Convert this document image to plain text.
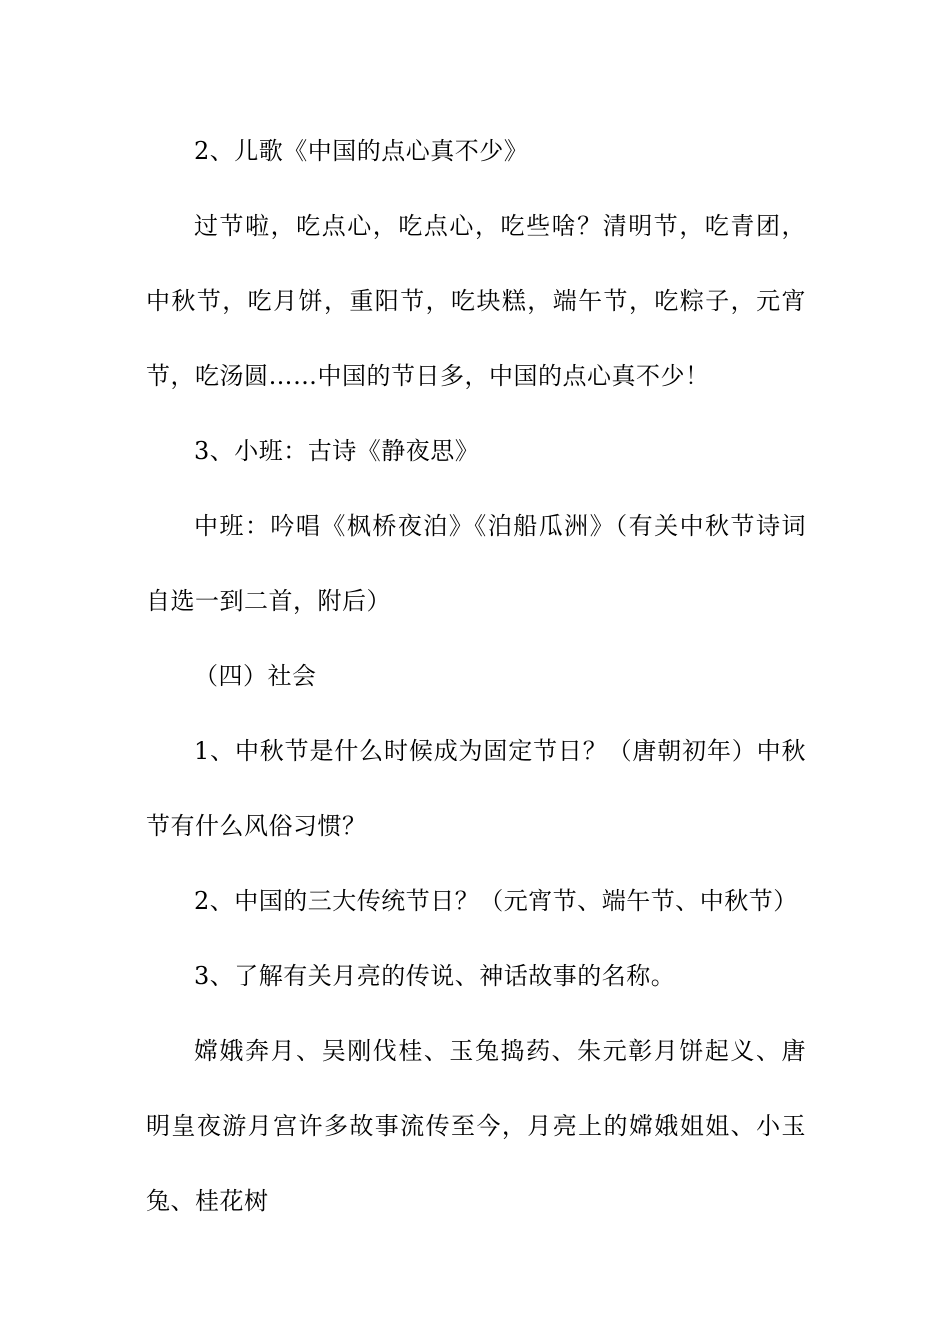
2、儿歌《中国的点心真不少》

过节啦，吃点心，吃点心，吃些啥？清明节，吃青团，中秋节，吃月饼，重阳节，吃块糕，端午节，吃粽子，元宵节，吃汤圆……中国的节日多，中国的点心真不少！

3、小班：古诗《静夜思》

中班：吟唱《枫桥夜泊》《泊船瓜洲》（有关中秋节诗词自选一到二首，附后）

（四）社会

1、中秋节是什么时候成为固定节日？（唐朝初年）中秋节有什么风俗习惯？

2、中国的三大传统节日？（元宵节、端午节、中秋节）

3、了解有关月亮的传说、神话故事的名称。

嫦娥奔月、吴刚伐桂、玉兔捣药、朱元彰月饼起义、唐明皇夜游月宫许多故事流传至今，月亮上的嫦娥姐姐、小玉兔、桂花树
